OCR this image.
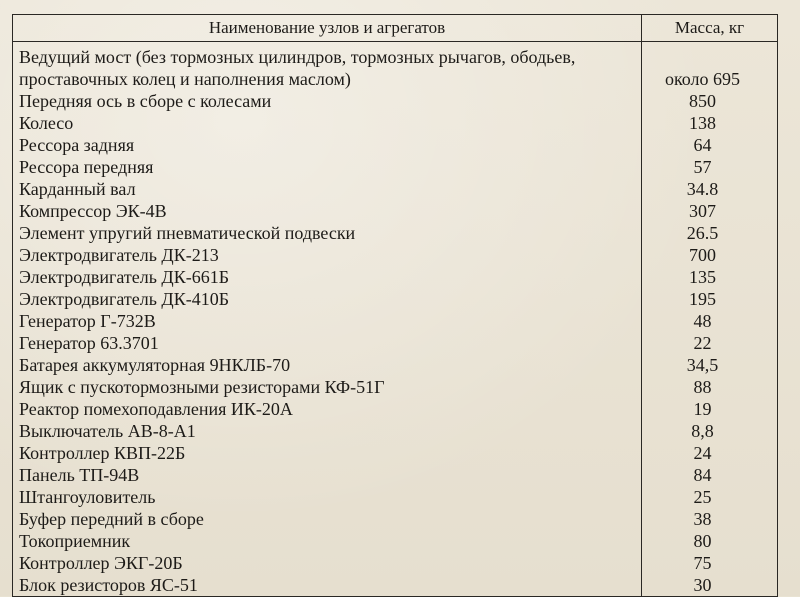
Наименование узлов и агрегатов	Масса, кг
Ведущий мост (без тормозных цилиндров, тормозных рычагов, ободьев, проставочных колец и наполнения маслом)	около 695
Передняя ось в сборе с колесами	850
Колесо	138
Рессора задняя	64
Рессора передняя	57
Карданный вал	34.8
Компрессор ЭК-4В	307
Элемент упругий пневматической подвески	26.5
Электродвигатель ДК-213	700
Электродвигатель ДК-661Б	135
Электродвигатель ДК-410Б	195
Генератор Г-732В	48
Генератор 63.3701	22
Батарея аккумуляторная 9НКЛБ-70	34,5
Ящик с пускотормозными резисторами КФ-51Г	88
Реактор помехоподавления ИК-20А	19
Выключатель АВ-8-А1	8,8
Контроллер КВП-22Б	24
Панель ТП-94В	84
Штангоуловитель	25
Буфер передний в сборе	38
Токоприемник	80
Контроллер ЭКГ-20Б	75
Блок резисторов ЯС-51	30
